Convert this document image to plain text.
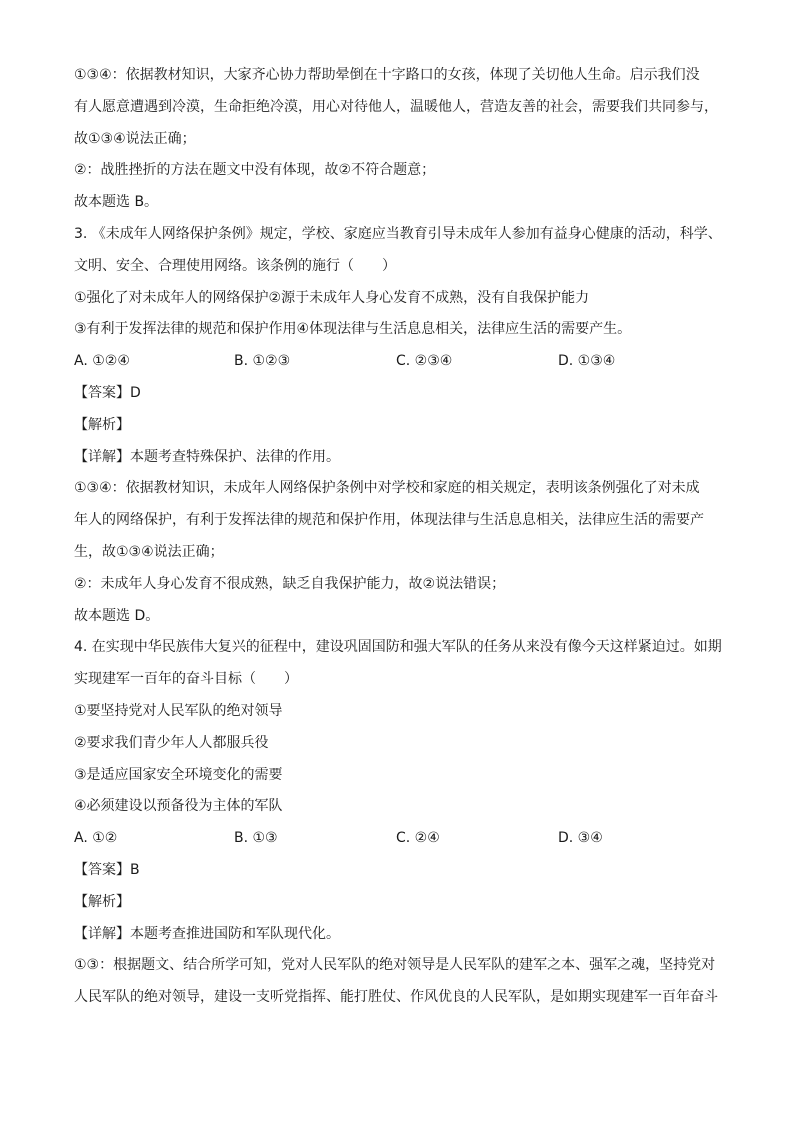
①③④：依据教材知识，大家齐心协力帮助晕倒在十字路口的女孩，体现了关切他人生命。启示我们没
有人愿意遭遇到冷漠，生命拒绝冷漠，用心对待他人，温暖他人，营造友善的社会，需要我们共同参与，
故①③④说法正确；
②：战胜挫折的方法在题文中没有体现，故②不符合题意；
故本题选 B。
3. 《未成年人网络保护条例》规定，学校、家庭应当教育引导未成年人参加有益身心健康的活动，科学、
文明、安全、合理使用网络。该条例的施行（　　）
①强化了对未成年人的网络保护②源于未成年人身心发育不成熟，没有自我保护能力
③有利于发挥法律的规范和保护作用④体现法律与生活息息相关，法律应生活的需要产生。
A. ①②④	B. ①②③	C. ②③④	D. ①③④
【答案】D
【解析】
【详解】本题考查特殊保护、法律的作用。
①③④：依据教材知识，未成年人网络保护条例中对学校和家庭的相关规定，表明该条例强化了对未成
年人的网络保护，有利于发挥法律的规范和保护作用，体现法律与生活息息相关，法律应生活的需要产
生，故①③④说法正确；
②：未成年人身心发育不很成熟，缺乏自我保护能力，故②说法错误；
故本题选 D。
4. 在实现中华民族伟大复兴的征程中，建设巩固国防和强大军队的任务从来没有像今天这样紧迫过。如期
实现建军一百年的奋斗目标（　　）
①要坚持党对人民军队的绝对领导
②要求我们青少年人人都服兵役
③是适应国家安全环境变化的需要
④必须建设以预备役为主体的军队
A. ①②	B. ①③	C. ②④	D. ③④
【答案】B
【解析】
【详解】本题考查推进国防和军队现代化。
①③：根据题文、结合所学可知，党对人民军队的绝对领导是人民军队的建军之本、强军之魂，坚持党对
人民军队的绝对领导，建设一支听党指挥、能打胜仗、作风优良的人民军队，是如期实现建军一百年奋斗
